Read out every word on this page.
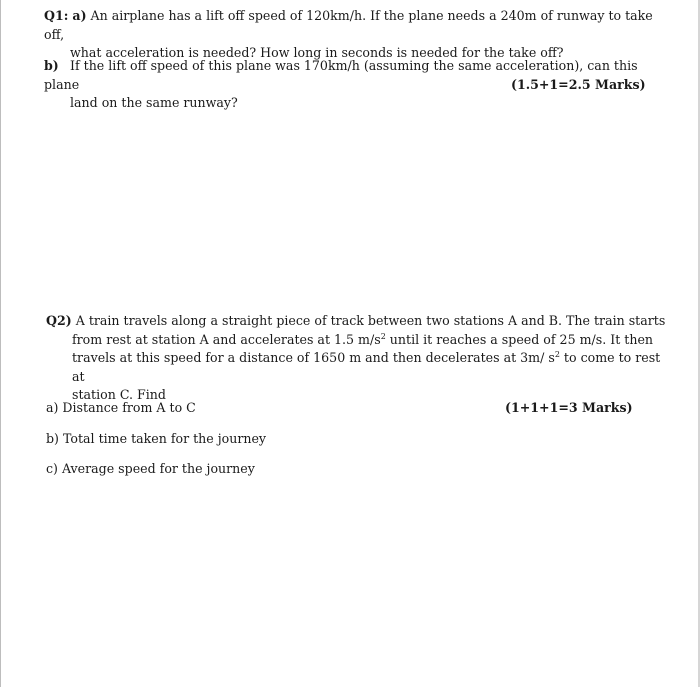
Q1: a) An airplane has a lift off speed of 120km/h. If the plane needs a 240m of runway to take off,
what acceleration is needed? How long in seconds is needed for the take off?
b) If the lift off speed of this plane was 170km/h (assuming the same acceleration), can this plane
land on the same runway?
(1.5+1=2.5 Marks)
Q2) A train travels along a straight piece of track between two stations A and B. The train starts
from rest at station A and accelerates at 1.5 $m/s^2$ until it reaches a speed of 25 m/s. It then
travels at this speed for a distance of 1650 m and then decelerates at 3m/ $s^2$ to come to rest at
station C. Find
a) Distance from A to C	(1+1+1=3 Marks)
b) Total time taken for the journey
c) Average speed for the journey
